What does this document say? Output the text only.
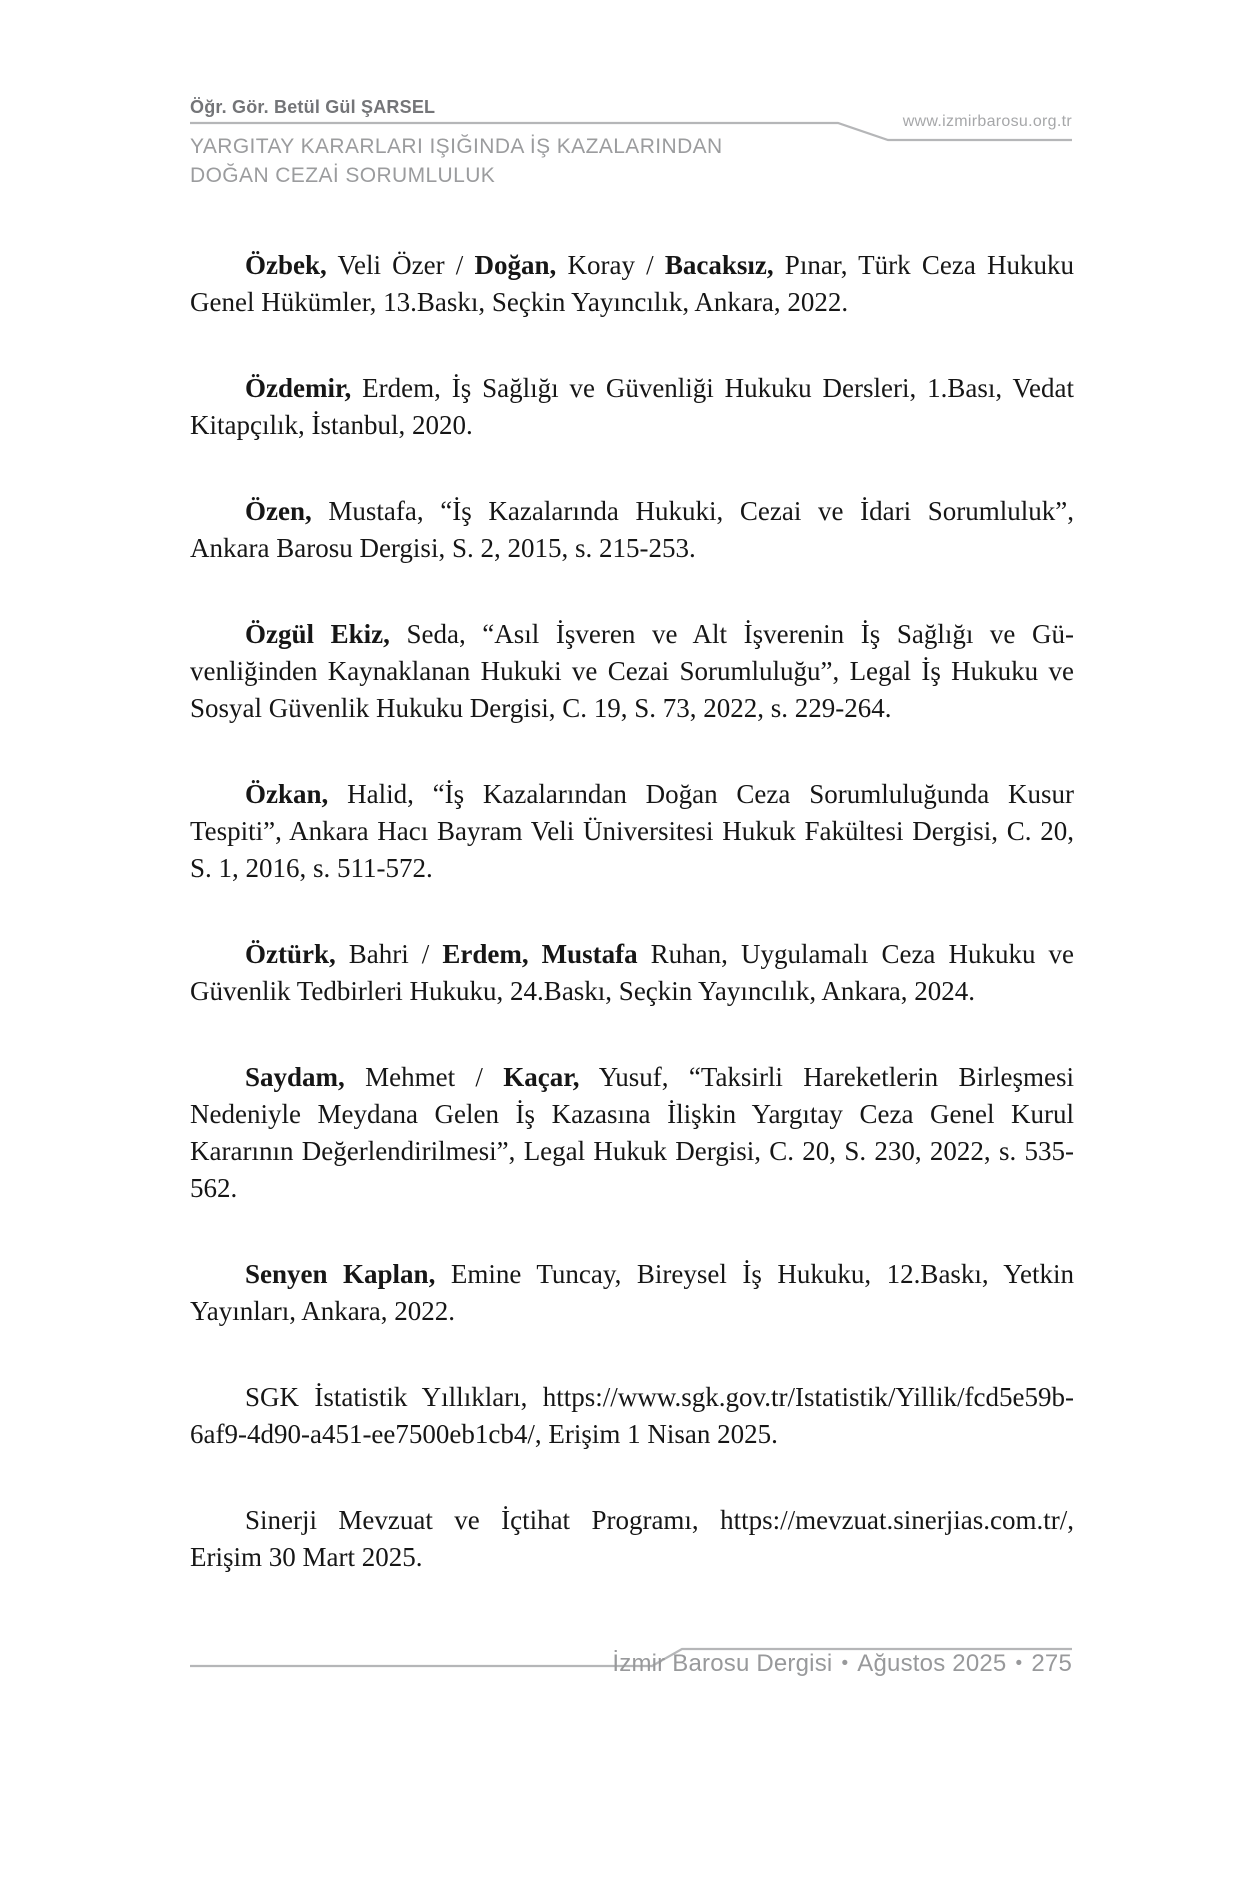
Öğr. Gör. Betül Gül ŞARSEL
YARGITAY KARARLARI IŞIĞINDA İŞ KAZALARINDAN
DOĞAN CEZAİ SORUMLULUK
www.izmirbarosu.org.tr

Özbek, Veli Özer / Doğan, Koray / Bacaksız, Pınar, Türk Ceza Hukuku Genel Hükümler, 13.Baskı, Seçkin Yayıncılık, Ankara, 2022.

Özdemir, Erdem, İş Sağlığı ve Güvenliği Hukuku Dersleri, 1.Bası, Vedat Kitapçılık, İstanbul, 2020.

Özen, Mustafa, “İş Kazalarında Hukuki, Cezai ve İdari Sorumluluk”, Ankara Barosu Dergisi, S. 2, 2015, s. 215-253.

Özgül Ekiz, Seda, “Asıl İşveren ve Alt İşverenin İş Sağlığı ve Güvenliğinden Kaynaklanan Hukuki ve Cezai Sorumluluğu”, Legal İş Hukuku ve Sosyal Güvenlik Hukuku Dergisi, C. 19, S. 73, 2022, s. 229-264.

Özkan, Halid, “İş Kazalarından Doğan Ceza Sorumluluğunda Kusur Tespiti”, Ankara Hacı Bayram Veli Üniversitesi Hukuk Fakültesi Dergisi, C. 20, S. 1, 2016, s. 511-572.

Öztürk, Bahri / Erdem, Mustafa Ruhan, Uygulamalı Ceza Hukuku ve Güvenlik Tedbirleri Hukuku, 24.Baskı, Seçkin Yayıncılık, Ankara, 2024.

Saydam, Mehmet / Kaçar, Yusuf, “Taksirli Hareketlerin Birleşmesi Nedeniyle Meydana Gelen İş Kazasına İlişkin Yargıtay Ceza Genel Kurul Kararının Değerlendirilmesi”, Legal Hukuk Dergisi, C. 20, S. 230, 2022, s. 535-562.

Senyen Kaplan, Emine Tuncay, Bireysel İş Hukuku, 12.Baskı, Yetkin Yayınları, Ankara, 2022.

SGK İstatistik Yıllıkları, https:/​/​www.​sgk.​gov.​tr/​Istatistik/​Yillik/​fcd5e59b-6af9-4d90-a451-ee7500eb1cb4/​, Erişim 1 Nisan 2025.

Sinerji Mevzuat ve İçtihat Programı, https:/​/​mevzuat.​sinerjias.​com.​tr/​, Erişim 30 Mart 2025.

İzmir Barosu Dergisi • Ağustos 2025 • 275
